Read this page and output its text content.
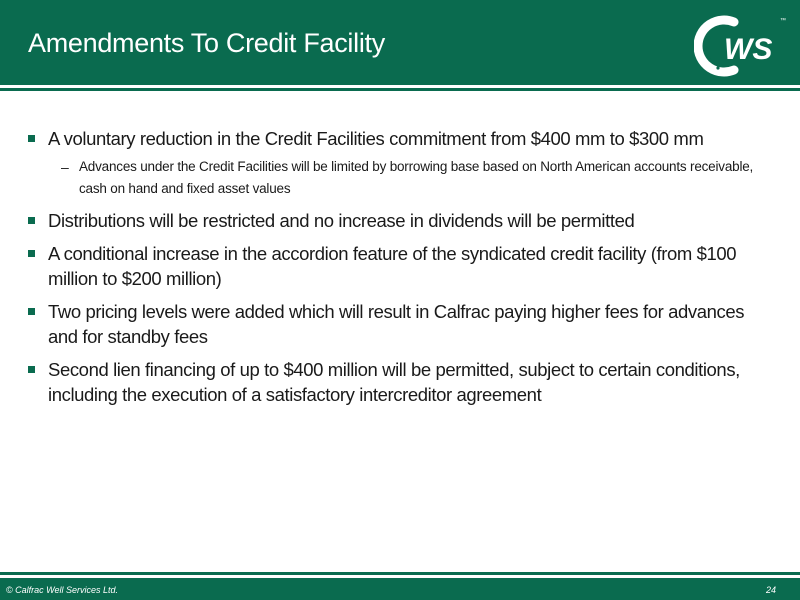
Amendments To Credit Facility	WS
™
A voluntary reduction in the Credit Facilities commitment from $400 mm to $300 mm
– Advances under the Credit Facilities will be limited by borrowing base based on North American accounts receivable, cash on hand and fixed asset values
Distributions will be restricted and no increase in dividends will be permitted
A conditional increase in the accordion feature of the syndicated credit facility (from $100 million to $200 million)
Two pricing levels were added which will result in Calfrac paying higher fees for advances and for standby fees
Second lien financing of up to $400 million will be permitted, subject to certain conditions, including the execution of a satisfactory intercreditor agreement
© Calfrac Well Services Ltd.	24
